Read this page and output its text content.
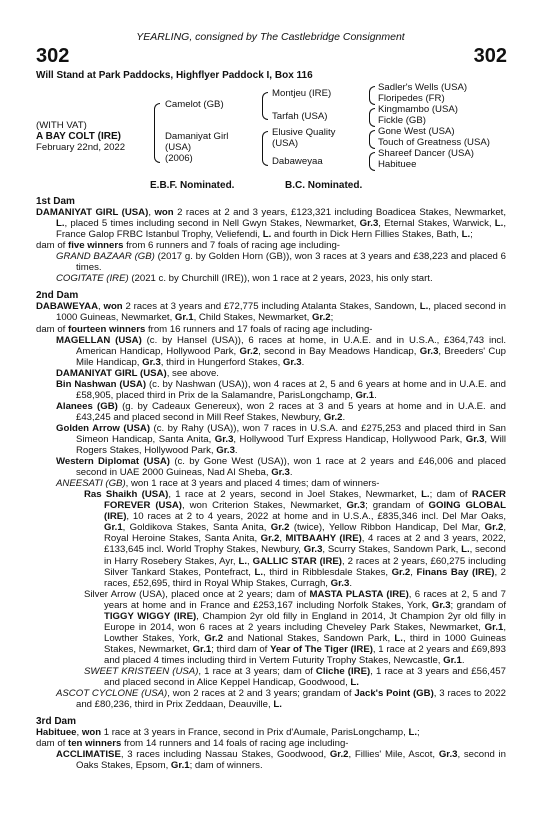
YEARLING, consigned by The Castlebridge Consignment
302	302
Will Stand at Park Paddocks, Highflyer Paddock I, Box 116
(WITH VAT)
A BAY COLT (IRE)
February 22nd, 2022
Camelot (GB)
Damaniyat Girl
(USA)
(2006)
Montjeu (IRE)
Tarfah (USA)
Elusive Quality
(USA)
Dabaweyaa
Sadler's Wells (USA)
Floripedes (FR)
Kingmambo (USA)
Fickle (GB)
Gone West (USA)
Touch of Greatness (USA)
Shareef Dancer (USA)
Habituee
E.B.F. Nominated.	B.C. Nominated.

1st Dam

DAMANIYAT GIRL (USA), won 2 races at 2 and 3 years, £123,321 including Boadicea Stakes, Newmarket, L., placed 5 times including second in Nell Gwyn Stakes, Newmarket, Gr.3, Eternal Stakes, Warwick, L., France Galop FRBC Istanbul Trophy, Veliefendi, L. and fourth in Dick Hern Fillies Stakes, Bath, L.;

dam of five winners from 6 runners and 7 foals of racing age including-

GRAND BAZAAR (GB) (2017 g. by Golden Horn (GB)), won 3 races at 3 years and £38,223 and placed 6 times.

COGITATE (IRE) (2021 c. by Churchill (IRE)), won 1 race at 2 years, 2023, his only start.

2nd Dam

DABAWEYAA, won 2 races at 3 years and £72,775 including Atalanta Stakes, Sandown, L., placed second in 1000 Guineas, Newmarket, Gr.1, Child Stakes, Newmarket, Gr.2;

dam of fourteen winners from 16 runners and 17 foals of racing age including-

MAGELLAN (USA) (c. by Hansel (USA)), 6 races at home, in U.A.E. and in U.S.A., £364,743 incl. American Handicap, Hollywood Park, Gr.2, second in Bay Meadows Handicap, Gr.3, Breeders' Cup Mile Handicap, Gr.3, third in Hungerford Stakes, Gr.3.

DAMANIYAT GIRL (USA), see above.

Bin Nashwan (USA) (c. by Nashwan (USA)), won 4 races at 2, 5 and 6 years at home and in U.A.E. and £58,905, placed third in Prix de la Salamandre, ParisLongchamp, Gr.1.

Alanees (GB) (g. by Cadeaux Genereux), won 2 races at 3 and 5 years at home and in U.A.E. and £43,245 and placed second in Mill Reef Stakes, Newbury, Gr.2.

Golden Arrow (USA) (c. by Rahy (USA)), won 7 races in U.S.A. and £275,253 and placed third in San Simeon Handicap, Santa Anita, Gr.3, Hollywood Turf Express Handicap, Hollywood Park, Gr.3, Will Rogers Stakes, Hollywood Park, Gr.3.

Western Diplomat (USA) (c. by Gone West (USA)), won 1 race at 2 years and £46,006 and placed second in UAE 2000 Guineas, Nad Al Sheba, Gr.3.

ANEESATI (GB), won 1 race at 3 years and placed 4 times; dam of winners-

Ras Shaikh (USA), 1 race at 2 years, second in Joel Stakes, Newmarket, L.; dam of RACER FOREVER (USA), won Criterion Stakes, Newmarket, Gr.3; grandam of GOING GLOBAL (IRE), 10 races at 2 to 4 years, 2022 at home and in U.S.A., £835,346 incl. Del Mar Oaks, Gr.1, Goldikova Stakes, Santa Anita, Gr.2 (twice), Yellow Ribbon Handicap, Del Mar, Gr.2, Royal Heroine Stakes, Santa Anita, Gr.2, MITBAAHY (IRE), 4 races at 2 and 3 years, 2022, £133,645 incl. World Trophy Stakes, Newbury, Gr.3, Scurry Stakes, Sandown Park, L., second in Harry Rosebery Stakes, Ayr, L., GALLIC STAR (IRE), 2 races at 2 years, £60,275 including Silver Tankard Stakes, Pontefract, L., third in Ribblesdale Stakes, Gr.2, Finans Bay (IRE), 2 races, £52,695, third in Royal Whip Stakes, Curragh, Gr.3.

Silver Arrow (USA), placed once at 2 years; dam of MASTA PLASTA (IRE), 6 races at 2, 5 and 7 years at home and in France and £253,167 including Norfolk Stakes, York, Gr.3; grandam of TIGGY WIGGY (IRE), Champion 2yr old filly in England in 2014, Jt Champion 2yr old filly in Europe in 2014, won 6 races at 2 years including Cheveley Park Stakes, Newmarket, Gr.1, Lowther Stakes, York, Gr.2 and National Stakes, Sandown Park, L., third in 1000 Guineas Stakes, Newmarket, Gr.1; third dam of Year of The Tiger (IRE), 1 race at 2 years and £69,893 and placed 4 times including third in Vertem Futurity Trophy Stakes, Newcastle, Gr.1.

SWEET KRISTEEN (USA), 1 race at 3 years; dam of Cliche (IRE), 1 race at 3 years and £56,457 and placed second in Alice Keppel Handicap, Goodwood, L.

ASCOT CYCLONE (USA), won 2 races at 2 and 3 years; grandam of Jack's Point (GB), 3 races to 2022 and £80,236, third in Prix Zeddaan, Deauville, L.

3rd Dam

Habituee, won 1 race at 3 years in France, second in Prix d'Aumale, ParisLongchamp, L.;

dam of ten winners from 14 runners and 14 foals of racing age including-

ACCLIMATISE, 3 races including Nassau Stakes, Goodwood, Gr.2, Fillies' Mile, Ascot, Gr.3, second in Oaks Stakes, Epsom, Gr.1; dam of winners.
